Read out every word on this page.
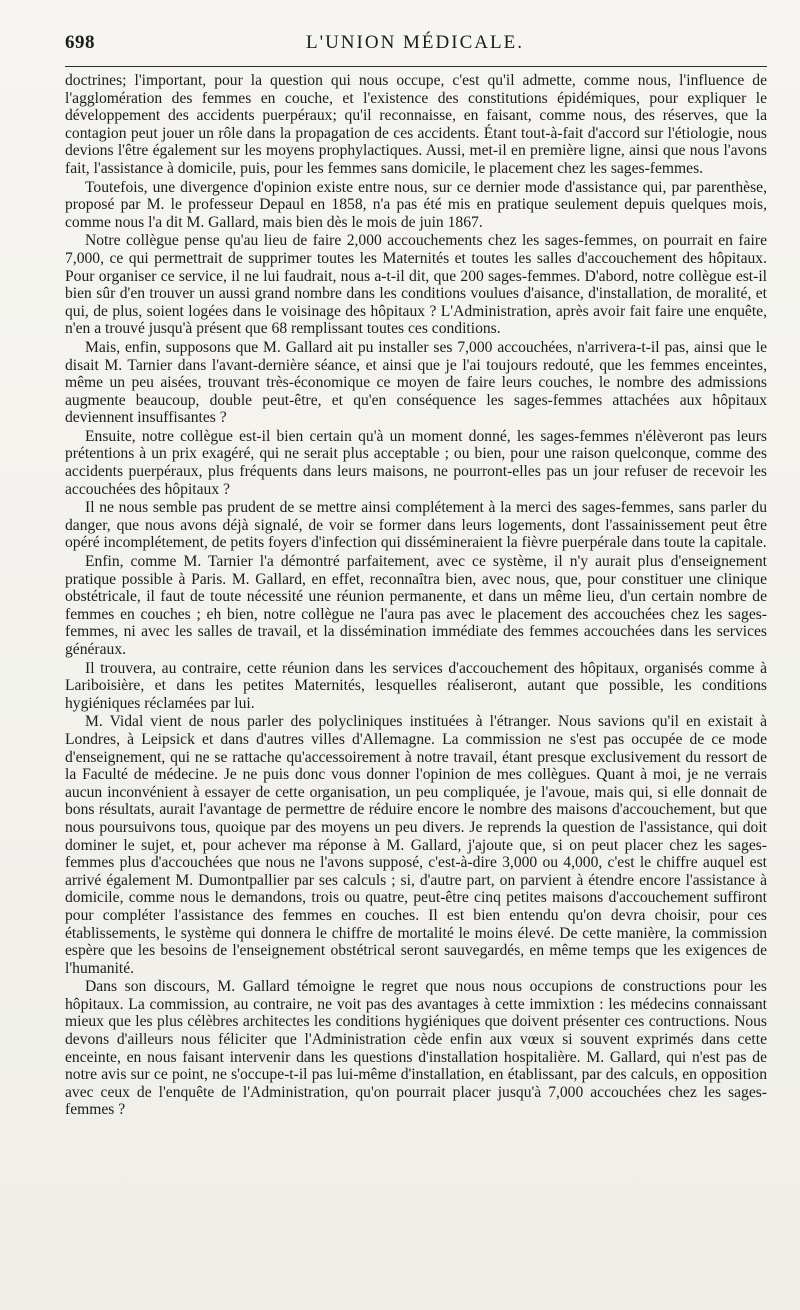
698	L'UNION MÉDICALE.

doctrines; l'important, pour la question qui nous occupe, c'est qu'il admette, comme nous, l'influence de l'agglomération des femmes en couche, et l'existence des constitutions épidémiques, pour expliquer le développement des accidents puerpéraux; qu'il reconnaisse, en faisant, comme nous, des réserves, que la contagion peut jouer un rôle dans la propagation de ces accidents. Étant tout-à-fait d'accord sur l'étiologie, nous devions l'être également sur les moyens prophylactiques. Aussi, met-il en première ligne, ainsi que nous l'avons fait, l'assistance à domicile, puis, pour les femmes sans domicile, le placement chez les sages-femmes.

Toutefois, une divergence d'opinion existe entre nous, sur ce dernier mode d'assistance qui, par parenthèse, proposé par M. le professeur Depaul en 1858, n'a pas été mis en pratique seulement depuis quelques mois, comme nous l'a dit M. Gallard, mais bien dès le mois de juin 1867.

Notre collègue pense qu'au lieu de faire 2,000 accouchements chez les sages-femmes, on pourrait en faire 7,000, ce qui permettrait de supprimer toutes les Maternités et toutes les salles d'accouchement des hôpitaux. Pour organiser ce service, il ne lui faudrait, nous a-t-il dit, que 200 sages-femmes. D'abord, notre collègue est-il bien sûr d'en trouver un aussi grand nombre dans les conditions voulues d'aisance, d'installation, de moralité, et qui, de plus, soient logées dans le voisinage des hôpitaux ? L'Administration, après avoir fait faire une enquête, n'en a trouvé jusqu'à présent que 68 remplissant toutes ces conditions.

Mais, enfin, supposons que M. Gallard ait pu installer ses 7,000 accouchées, n'arrivera-t-il pas, ainsi que le disait M. Tarnier dans l'avant-dernière séance, et ainsi que je l'ai toujours redouté, que les femmes enceintes, même un peu aisées, trouvant très-économique ce moyen de faire leurs couches, le nombre des admissions augmente beaucoup, double peut-être, et qu'en conséquence les sages-femmes attachées aux hôpitaux deviennent insuffisantes ?

Ensuite, notre collègue est-il bien certain qu'à un moment donné, les sages-femmes n'élèveront pas leurs prétentions à un prix exagéré, qui ne serait plus acceptable ; ou bien, pour une raison quelconque, comme des accidents puerpéraux, plus fréquents dans leurs maisons, ne pourront-elles pas un jour refuser de recevoir les accouchées des hôpitaux ?

Il ne nous semble pas prudent de se mettre ainsi complétement à la merci des sages-femmes, sans parler du danger, que nous avons déjà signalé, de voir se former dans leurs logements, dont l'assainissement peut être opéré incomplétement, de petits foyers d'infection qui dissémineraient la fièvre puerpérale dans toute la capitale.

Enfin, comme M. Tarnier l'a démontré parfaitement, avec ce système, il n'y aurait plus d'enseignement pratique possible à Paris. M. Gallard, en effet, reconnaîtra bien, avec nous, que, pour constituer une clinique obstétricale, il faut de toute nécessité une réunion permanente, et dans un même lieu, d'un certain nombre de femmes en couches ; eh bien, notre collègue ne l'aura pas avec le placement des accouchées chez les sages-femmes, ni avec les salles de travail, et la dissémination immédiate des femmes accouchées dans les services généraux.

Il trouvera, au contraire, cette réunion dans les services d'accouchement des hôpitaux, organisés comme à Lariboisière, et dans les petites Maternités, lesquelles réaliseront, autant que possible, les conditions hygiéniques réclamées par lui.

M. Vidal vient de nous parler des polycliniques instituées à l'étranger. Nous savions qu'il en existait à Londres, à Leipsick et dans d'autres villes d'Allemagne. La commission ne s'est pas occupée de ce mode d'enseignement, qui ne se rattache qu'accessoirement à notre travail, étant presque exclusivement du ressort de la Faculté de médecine. Je ne puis donc vous donner l'opinion de mes collègues. Quant à moi, je ne verrais aucun inconvénient à essayer de cette organisation, un peu compliquée, je l'avoue, mais qui, si elle donnait de bons résultats, aurait l'avantage de permettre de réduire encore le nombre des maisons d'accouchement, but que nous poursuivons tous, quoique par des moyens un peu divers. Je reprends la question de l'assistance, qui doit dominer le sujet, et, pour achever ma réponse à M. Gallard, j'ajoute que, si on peut placer chez les sages-femmes plus d'accouchées que nous ne l'avons supposé, c'est-à-dire 3,000 ou 4,000, c'est le chiffre auquel est arrivé également M. Dumontpallier par ses calculs ; si, d'autre part, on parvient à étendre encore l'assistance à domicile, comme nous le demandons, trois ou quatre, peut-être cinq petites maisons d'accouchement suffiront pour compléter l'assistance des femmes en couches. Il est bien entendu qu'on devra choisir, pour ces établissements, le système qui donnera le chiffre de mortalité le moins élevé. De cette manière, la commission espère que les besoins de l'enseignement obstétrical seront sauvegardés, en même temps que les exigences de l'humanité.

Dans son discours, M. Gallard témoigne le regret que nous nous occupions de constructions pour les hôpitaux. La commission, au contraire, ne voit pas des avantages à cette immixtion : les médecins connaissant mieux que les plus célèbres architectes les conditions hygiéniques que doivent présenter ces contructions. Nous devons d'ailleurs nous féliciter que l'Administration cède enfin aux vœux si souvent exprimés dans cette enceinte, en nous faisant intervenir dans les questions d'installation hospitalière. M. Gallard, qui n'est pas de notre avis sur ce point, ne s'occupe-t-il pas lui-même d'installation, en établissant, par des calculs, en opposition avec ceux de l'enquête de l'Administration, qu'on pourrait placer jusqu'à 7,000 accouchées chez les sages-femmes ?
